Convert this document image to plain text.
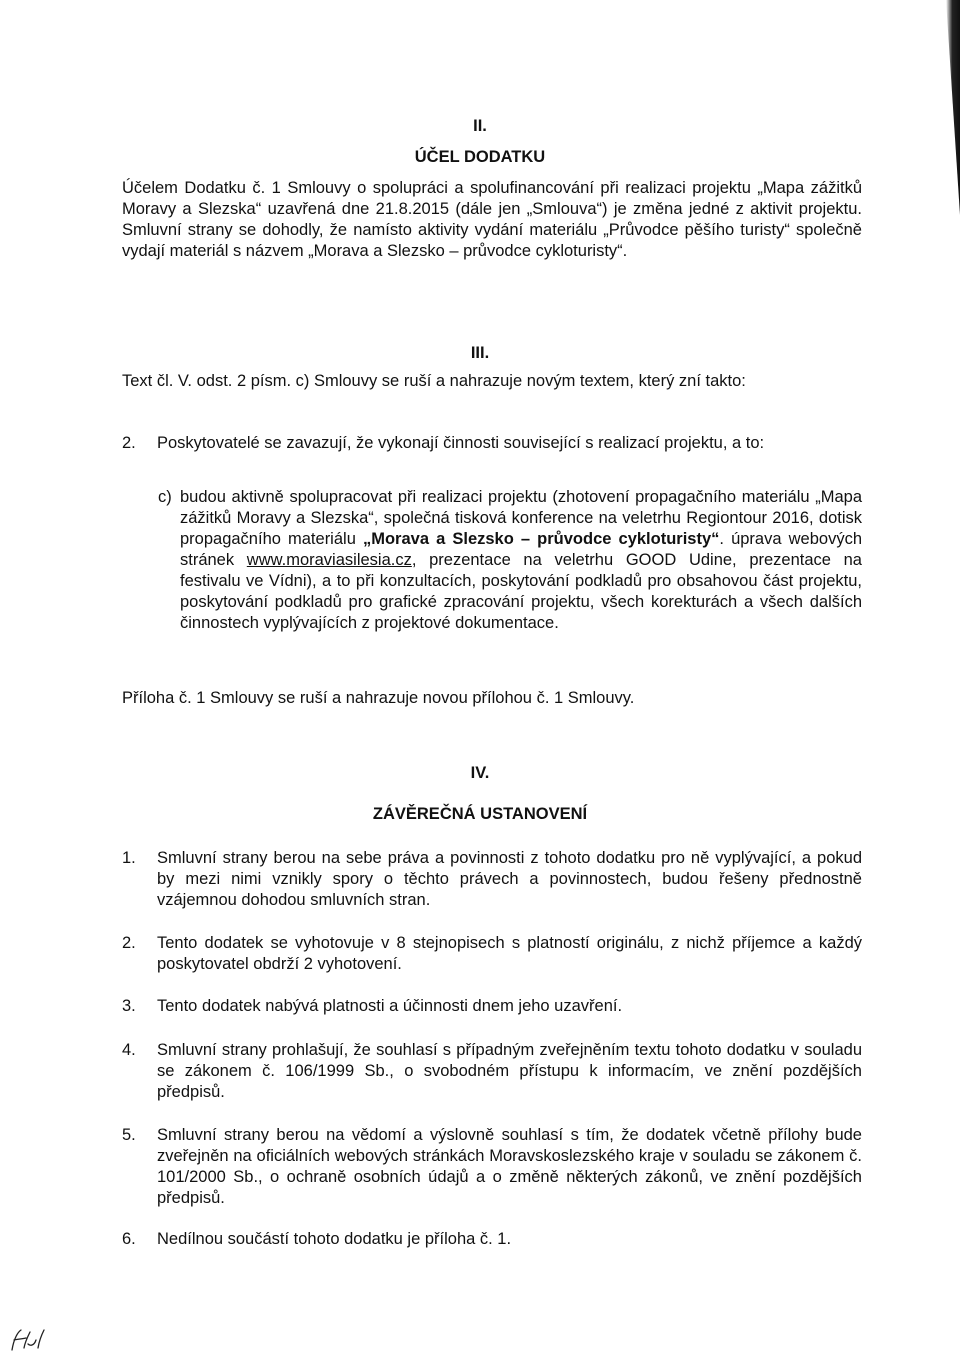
II.
ÚČEL DODATKU
Účelem Dodatku č. 1 Smlouvy o spolupráci a spolufinancování při realizaci projektu „Mapa zážitků Moravy a Slezska“ uzavřená dne 21.8.2015 (dále jen „Smlouva“) je změna jedné z aktivit projektu. Smluvní strany se dohodly, že namísto aktivity vydání materiálu „Průvodce pěšího turisty“ společně vydají materiál s názvem „Morava a Slezsko – průvodce cykloturisty“.
III.
Text čl. V. odst. 2 písm. c) Smlouvy se ruší a nahrazuje novým textem, který zní takto:
2. Poskytovatelé se zavazují, že vykonají činnosti související s realizací projektu, a to:
c) budou aktivně spolupracovat při realizaci projektu (zhotovení propagačního materiálu „Mapa zážitků Moravy a Slezska“, společná tisková konference na veletrhu Regiontour 2016, dotisk propagačního materiálu „Morava a Slezsko – průvodce cykloturisty“. úprava webových stránek www.moraviasilesia.cz, prezentace na veletrhu GOOD Udine, prezentace na festivalu ve Vídni), a to při konzultacích, poskytování podkladů pro obsahovou část projektu, poskytování podkladů pro grafické zpracování projektu, všech korekturách a všech dalších činnostech vyplývajících z projektové dokumentace.
Příloha č. 1 Smlouvy se ruší a nahrazuje novou přílohou č. 1 Smlouvy.
IV.
ZÁVĚREČNÁ USTANOVENÍ
1. Smluvní strany berou na sebe práva a povinnosti z tohoto dodatku pro ně vyplývající, a pokud by mezi nimi vznikly spory o těchto právech a povinnostech, budou řešeny přednostně vzájemnou dohodou smluvních stran.
2. Tento dodatek se vyhotovuje v 8 stejnopisech s platností originálu, z nichž příjemce a každý poskytovatel obdrží 2 vyhotovení.
3. Tento dodatek nabývá platnosti a účinnosti dnem jeho uzavření.
4. Smluvní strany prohlašují, že souhlasí s případným zveřejněním textu tohoto dodatku v souladu se zákonem č. 106/1999 Sb., o svobodném přístupu k informacím, ve znění pozdějších předpisů.
5. Smluvní strany berou na vědomí a výslovně souhlasí s tím, že dodatek včetně přílohy bude zveřejněn na oficiálních webových stránkách Moravskoslezského kraje v souladu se zákonem č. 101/2000 Sb., o ochraně osobních údajů a o změně některých zákonů, ve znění pozdějších předpisů.
6. Nedílnou součástí tohoto dodatku je příloha č. 1.
